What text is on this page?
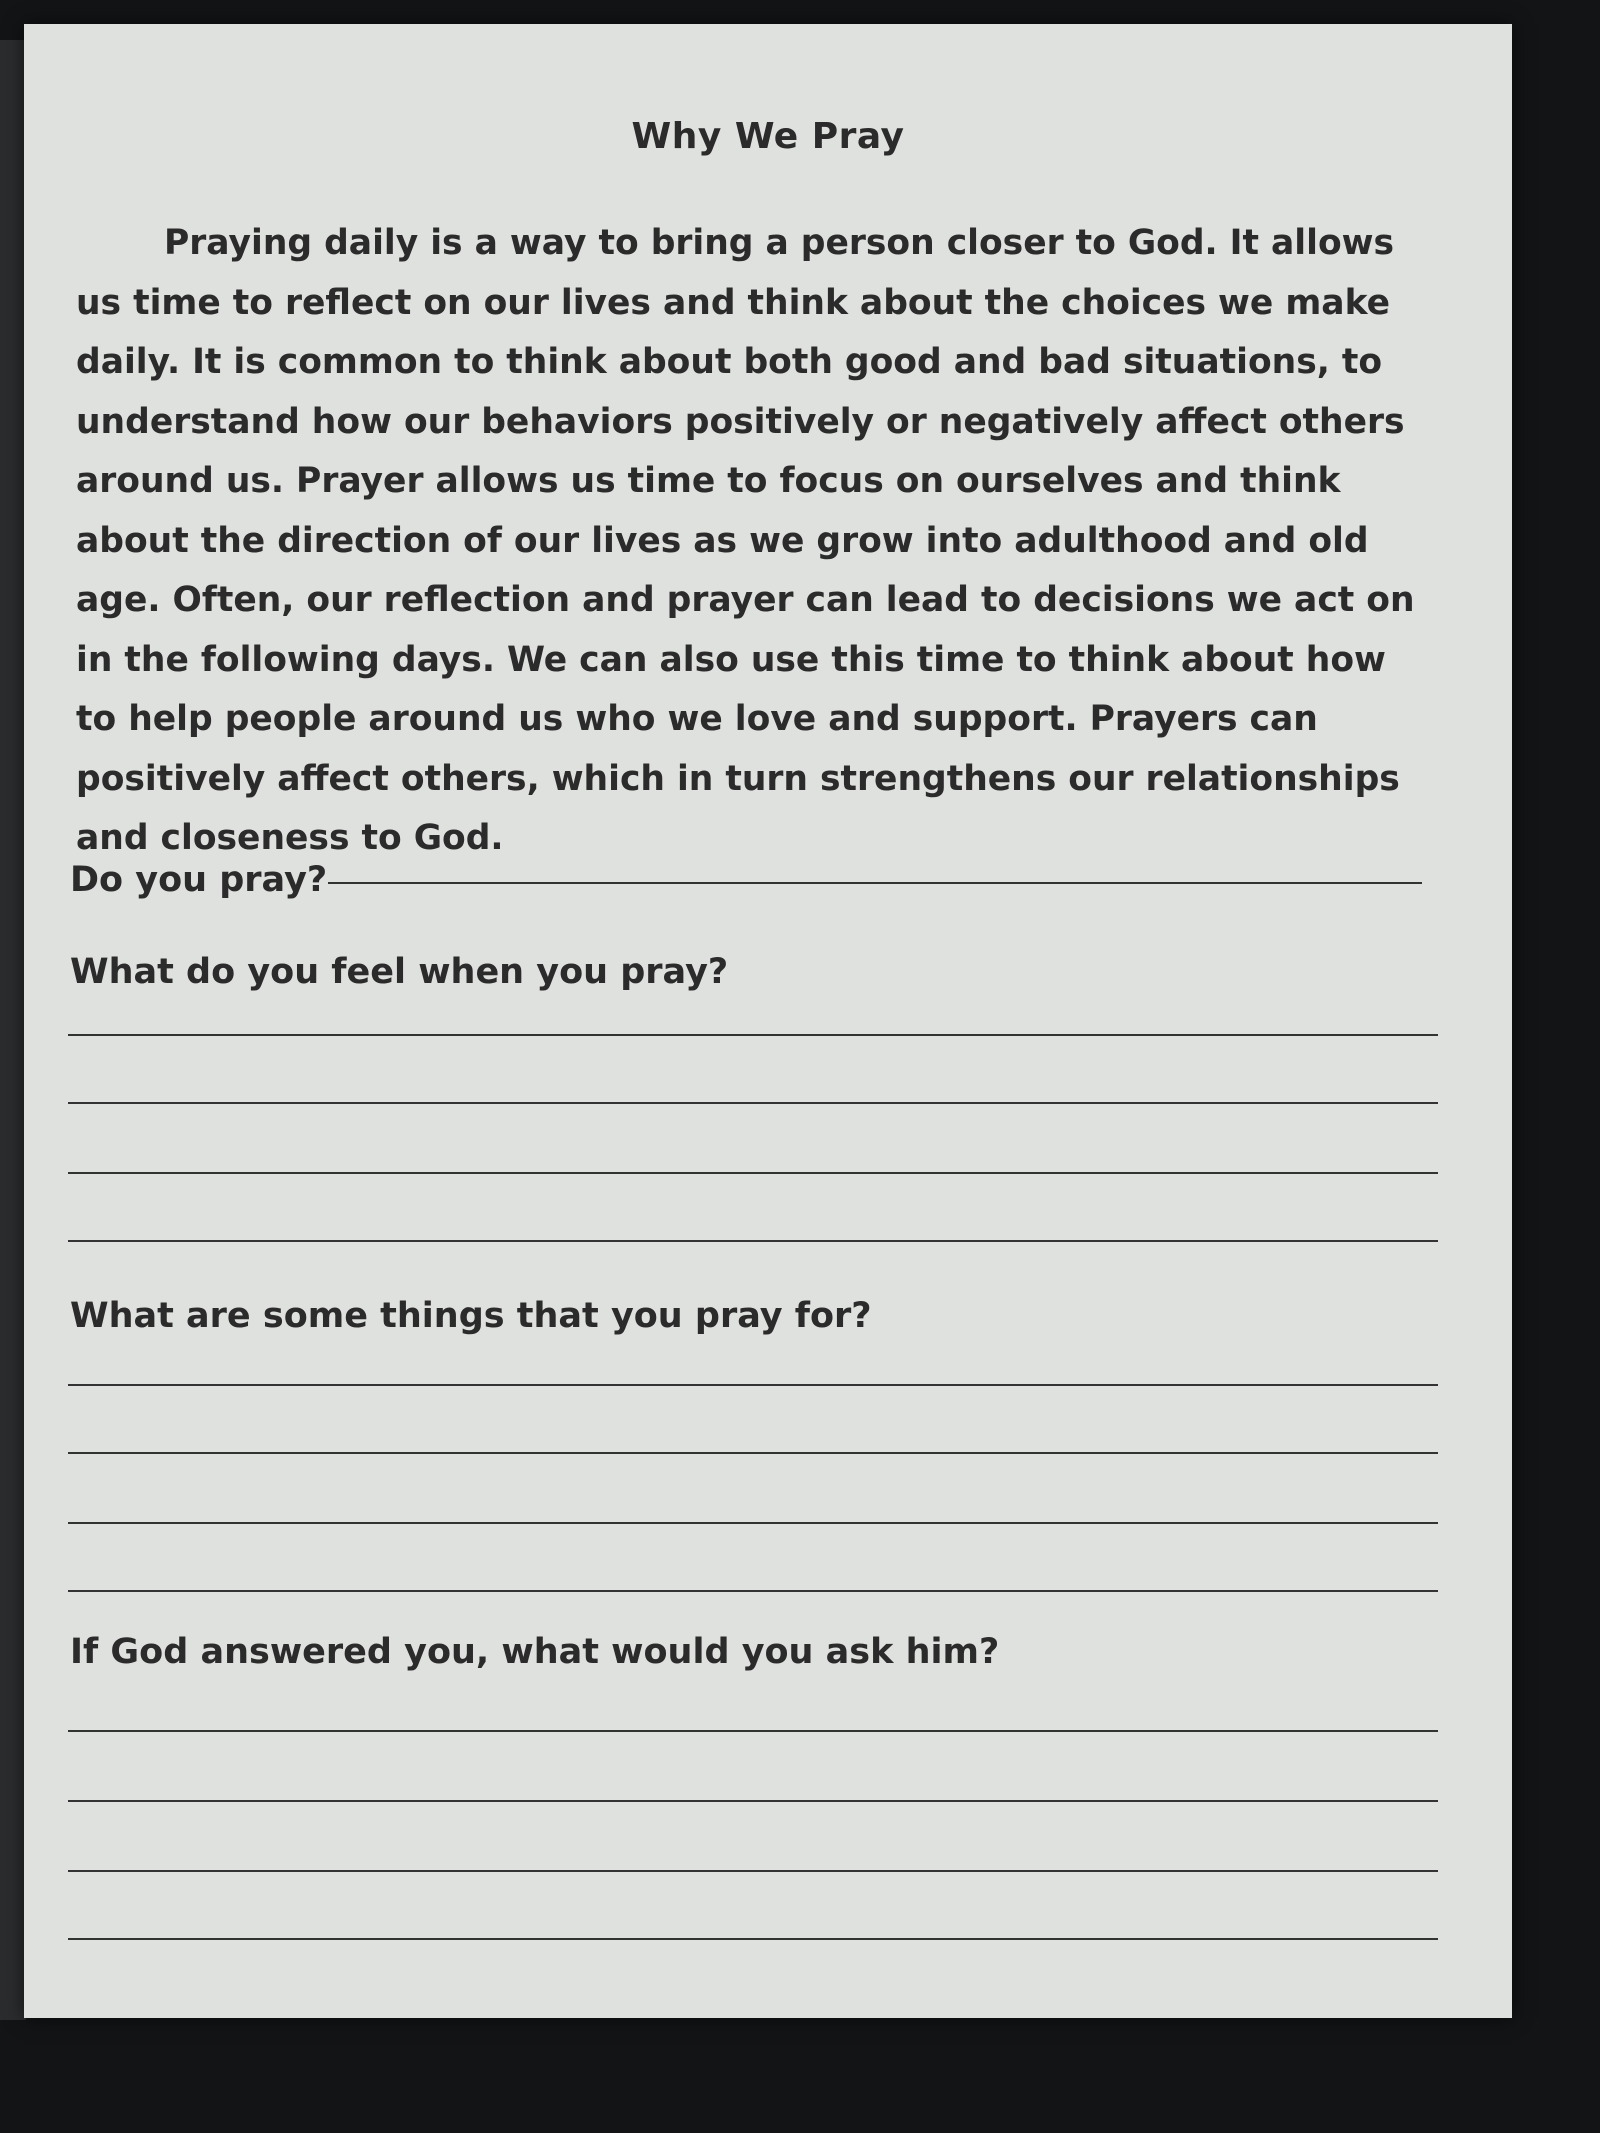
Why We Pray

Praying daily is a way to bring a person closer to God. It allows us time to reflect on our lives and think about the choices we make daily. It is common to think about both good and bad situations, to understand how our behaviors positively or negatively affect others around us. Prayer allows us time to focus on ourselves and think about the direction of our lives as we grow into adulthood and old age. Often, our reflection and prayer can lead to decisions we act on in the following days. We can also use this time to think about how to help people around us who we love and support. Prayers can positively affect others, which in turn strengthens our relationships and closeness to God.

Do you pray?

What do you feel when you pray?

What are some things that you pray for?

If God answered you, what would you ask him?
